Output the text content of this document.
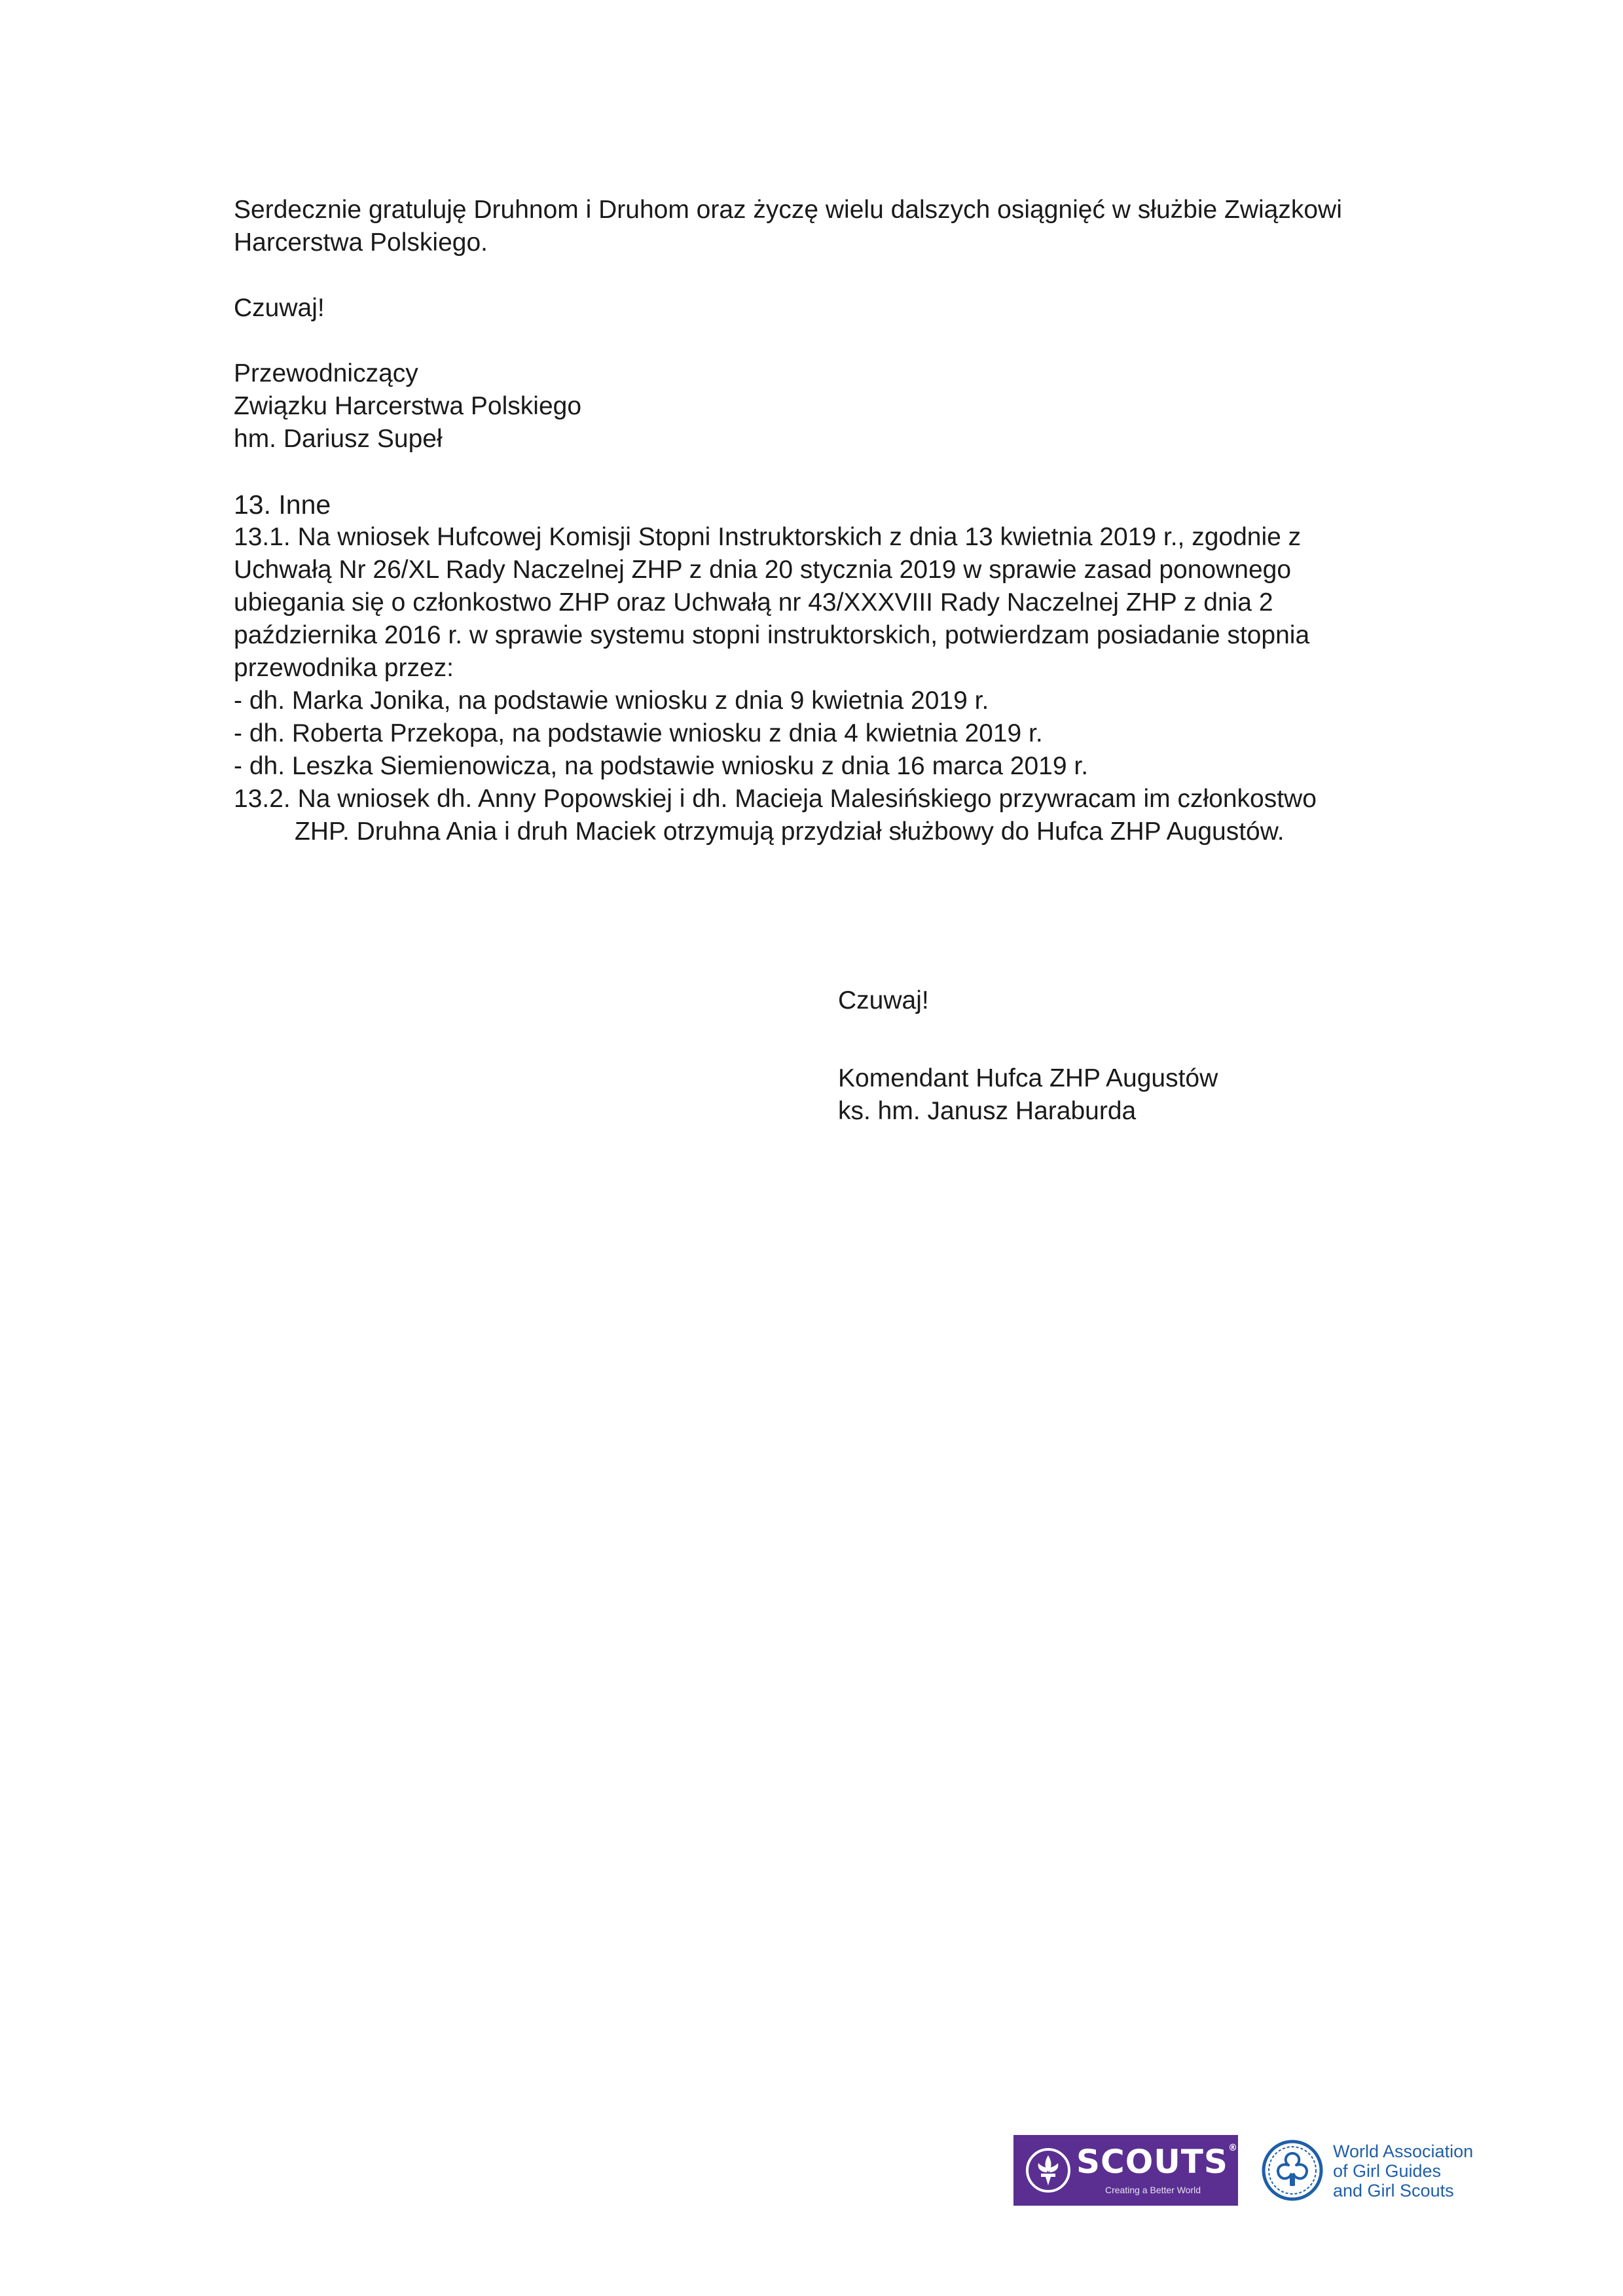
Serdecznie gratuluję Druhnom i Druhom oraz życzę wielu dalszych osiągnięć w służbie Związkowi
Harcerstwa Polskiego.
Czuwaj!
Przewodniczący
Związku Harcerstwa Polskiego
hm. Dariusz Supeł
13. Inne
13.1. Na wniosek Hufcowej Komisji Stopni Instruktorskich z dnia 13 kwietnia 2019 r., zgodnie z
Uchwałą Nr 26/XL Rady Naczelnej ZHP z dnia 20 stycznia 2019 w sprawie zasad ponownego
ubiegania się o członkostwo ZHP oraz Uchwałą nr 43/XXXVIII Rady Naczelnej ZHP z dnia 2
października 2016 r. w sprawie systemu stopni instruktorskich, potwierdzam posiadanie stopnia
przewodnika przez:
- dh. Marka Jonika, na podstawie wniosku z dnia 9 kwietnia 2019 r.
- dh. Roberta Przekopa, na podstawie wniosku z dnia 4 kwietnia 2019 r.
- dh. Leszka Siemienowicza, na podstawie wniosku z dnia 16 marca 2019 r.
13.2. Na wniosek dh. Anny Popowskiej i dh. Macieja Malesińskiego przywracam im członkostwo
ZHP. Druhna Ania i druh Maciek otrzymują przydział służbowy do Hufca ZHP Augustów.
Czuwaj!
Komendant Hufca ZHP Augustów
ks. hm. Janusz Haraburda
SCOUTS®
Creating a Better World
World Association
of Girl Guides
and Girl Scouts
